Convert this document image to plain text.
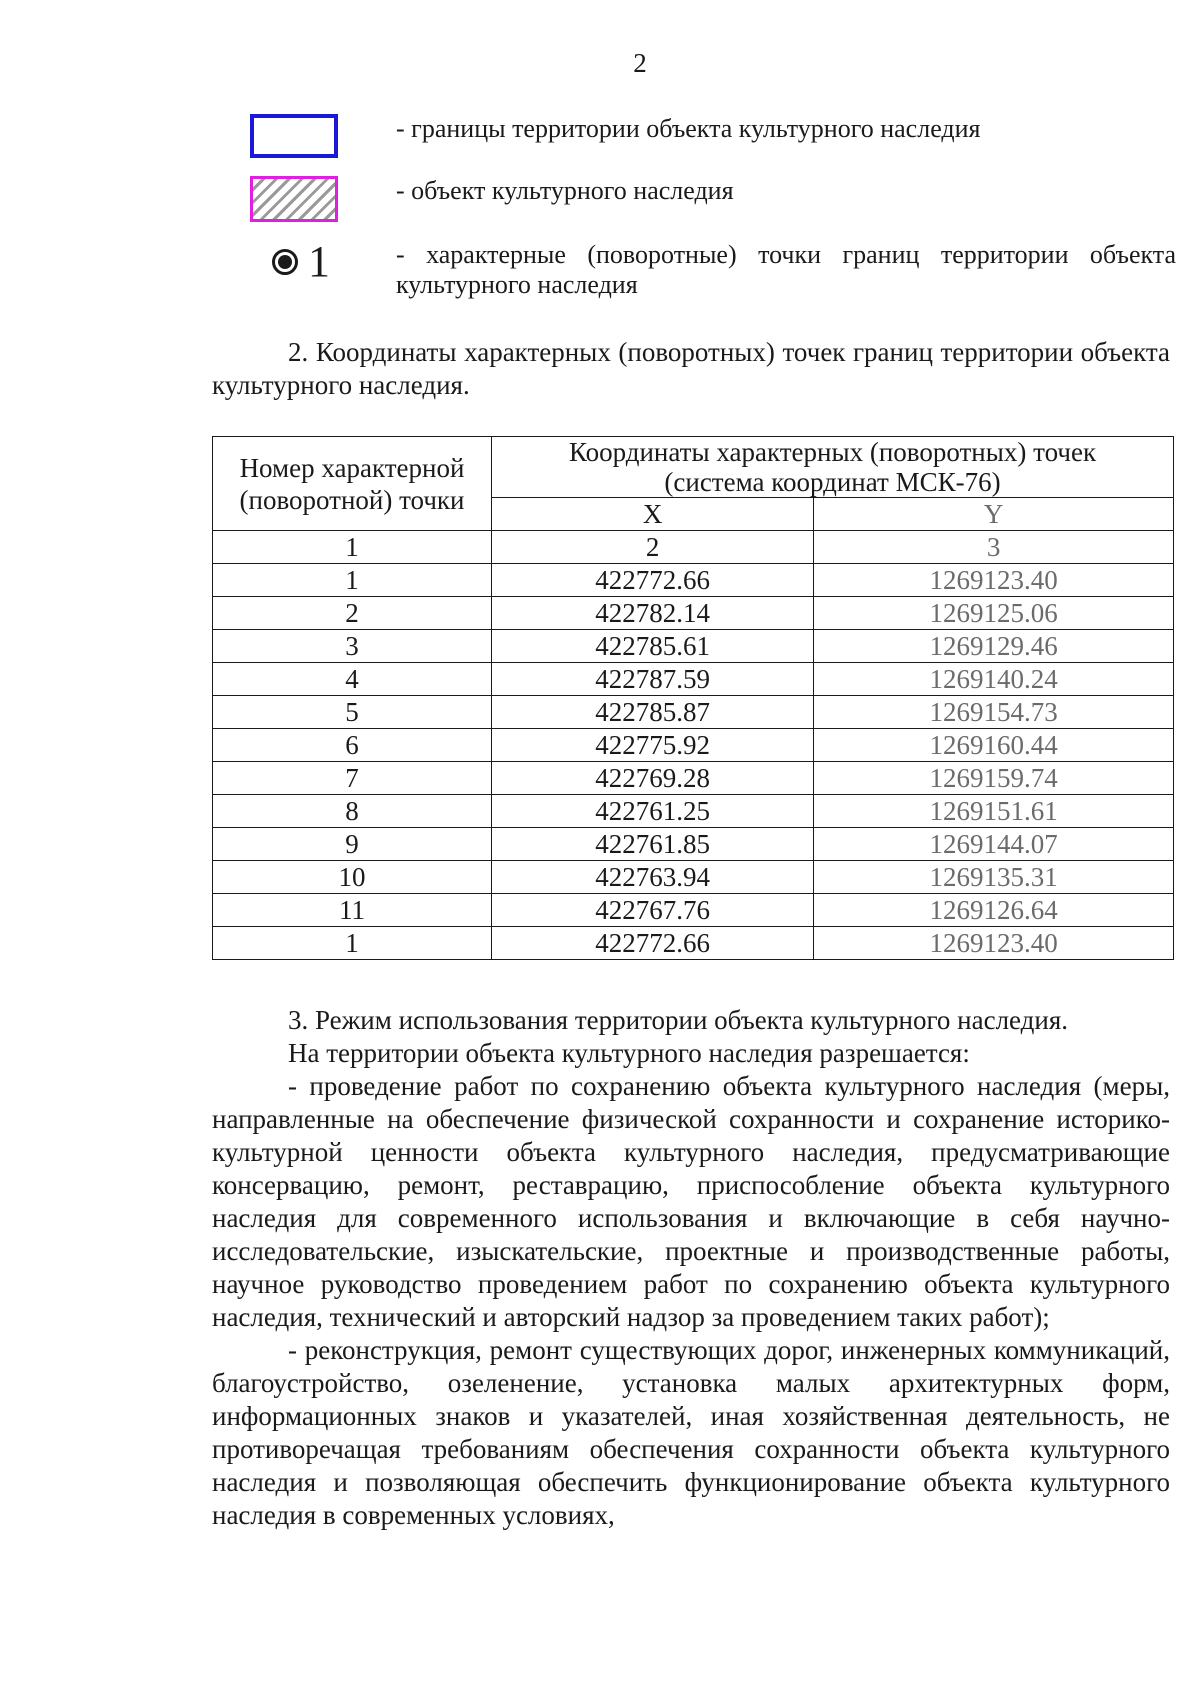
2
- границы территории объекта культурного наследия
- объект культурного наследия
1	- характерные (поворотные) точки границ территории объекта культурного наследия

2. Координаты характерных (поворотных) точек границ территории объекта культурного наследия.

Номер характерной (поворотной) точки	Координаты характерных (поворотных) точек
(система координат МСК-76)	

	X	Y
1	2	3
1	422772.66	1269123.40
2	422782.14	1269125.06
3	422785.61	1269129.46
4	422787.59	1269140.24
5	422785.87	1269154.73
6	422775.92	1269160.44
7	422769.28	1269159.74
8	422761.25	1269151.61
9	422761.85	1269144.07
10	422763.94	1269135.31
11	422767.76	1269126.64
1	422772.66	1269123.40

3. Режим использования территории объекта культурного наследия.

На территории объекта культурного наследия разрешается:

- проведение работ по сохранению объекта культурного наследия (меры, направленные на обеспечение физической сохранности и сохранение историко-культурной ценности объекта культурного наследия, предусматривающие консервацию, ремонт, реставрацию, приспособление объекта культурного наследия для современного использования и включающие в себя научно-исследовательские, изыскательские, проектные и производственные работы, научное руководство проведением работ по сохранению объекта культурного наследия, технический и авторский надзор за проведением таких работ);

- реконструкция, ремонт существующих дорог, инженерных коммуникаций, благоустройство, озеленение, установка малых архитектурных форм, информационных знаков и указателей, иная хозяйственная деятельность, не противоречащая требованиям обеспечения сохранности объекта культурного наследия и позволяющая обеспечить функционирование объекта культурного наследия в современных условиях,
